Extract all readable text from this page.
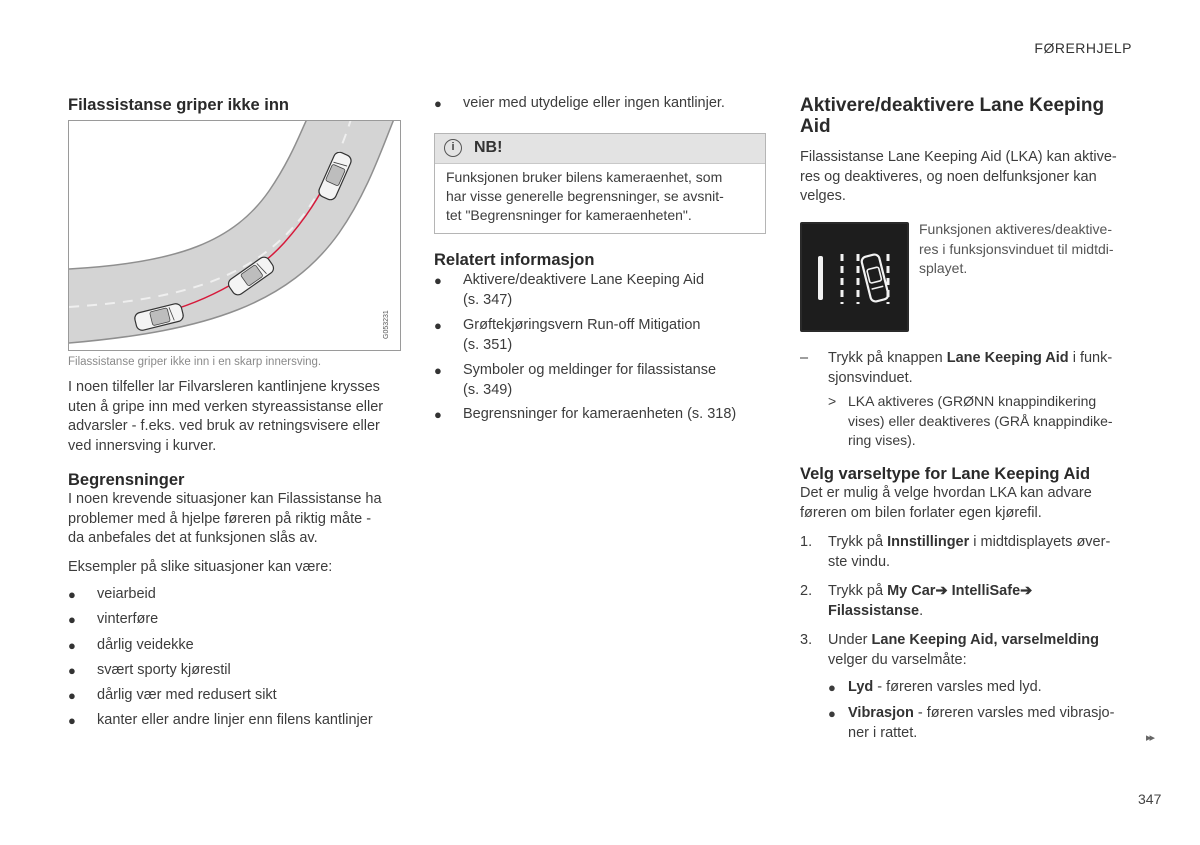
FØRERHJELP
Filassistanse griper ikke inn
G053231
Filassistanse griper ikke inn i en skarp innersving.
I noen tilfeller lar Filvarsleren kantlinjene krysses
uten å gripe inn med verken styreassistanse eller
advarsler - f.eks. ved bruk av retningsvisere eller
ved innersving i kurver.
Begrensninger
I noen krevende situasjoner kan Filassistanse ha
problemer med å hjelpe føreren på riktig måte -
da anbefales det at funksjonen slås av.
Eksempler på slike situasjoner kan være:
● veiarbeid
● vinterføre
● dårlig veidekke
● svært sporty kjørestil
● dårlig vær med redusert sikt
● kanter eller andre linjer enn filens kantlinjer
● veier med utydelige eller ingen kantlinjer.
i	NB!
Funksjonen bruker bilens kameraenhet, som
har visse generelle begrensninger, se avsnit-
tet "Begrensninger for kameraenheten".
Relatert informasjon
● Aktivere/deaktivere Lane Keeping Aid
(s. 347)
● Grøftekjøringsvern Run-off Mitigation
(s. 351)
● Symboler og meldinger for filassistanse
(s. 349)
● Begrensninger for kameraenheten (s. 318)
Aktivere/deaktivere Lane Keeping
Aid
Filassistanse Lane Keeping Aid (LKA) kan aktive-
res og deaktiveres, og noen delfunksjoner kan
velges.
Funksjonen aktiveres/deaktive-
res i funksjonsvinduet til midtdi-
splayet.
– Trykk på knappen Lane Keeping Aid i funk-
sjonsvinduet.
> LKA aktiveres (GRØNN knappindikering
vises) eller deaktiveres (GRÅ knappindike-
ring vises).
Velg varseltype for Lane Keeping Aid
Det er mulig å velge hvordan LKA kan advare
føreren om bilen forlater egen kjørefil.
1. Trykk på Innstillinger i midtdisplayets øver-
ste vindu.
2. Trykk på My Car➔ IntelliSafe➔
Filassistanse.
3. Under Lane Keeping Aid, varselmelding
velger du varselmåte:
● Lyd - føreren varsles med lyd.
● Vibrasjon - føreren varsles med vibrasjo-
ner i rattet.	▸▸
347
